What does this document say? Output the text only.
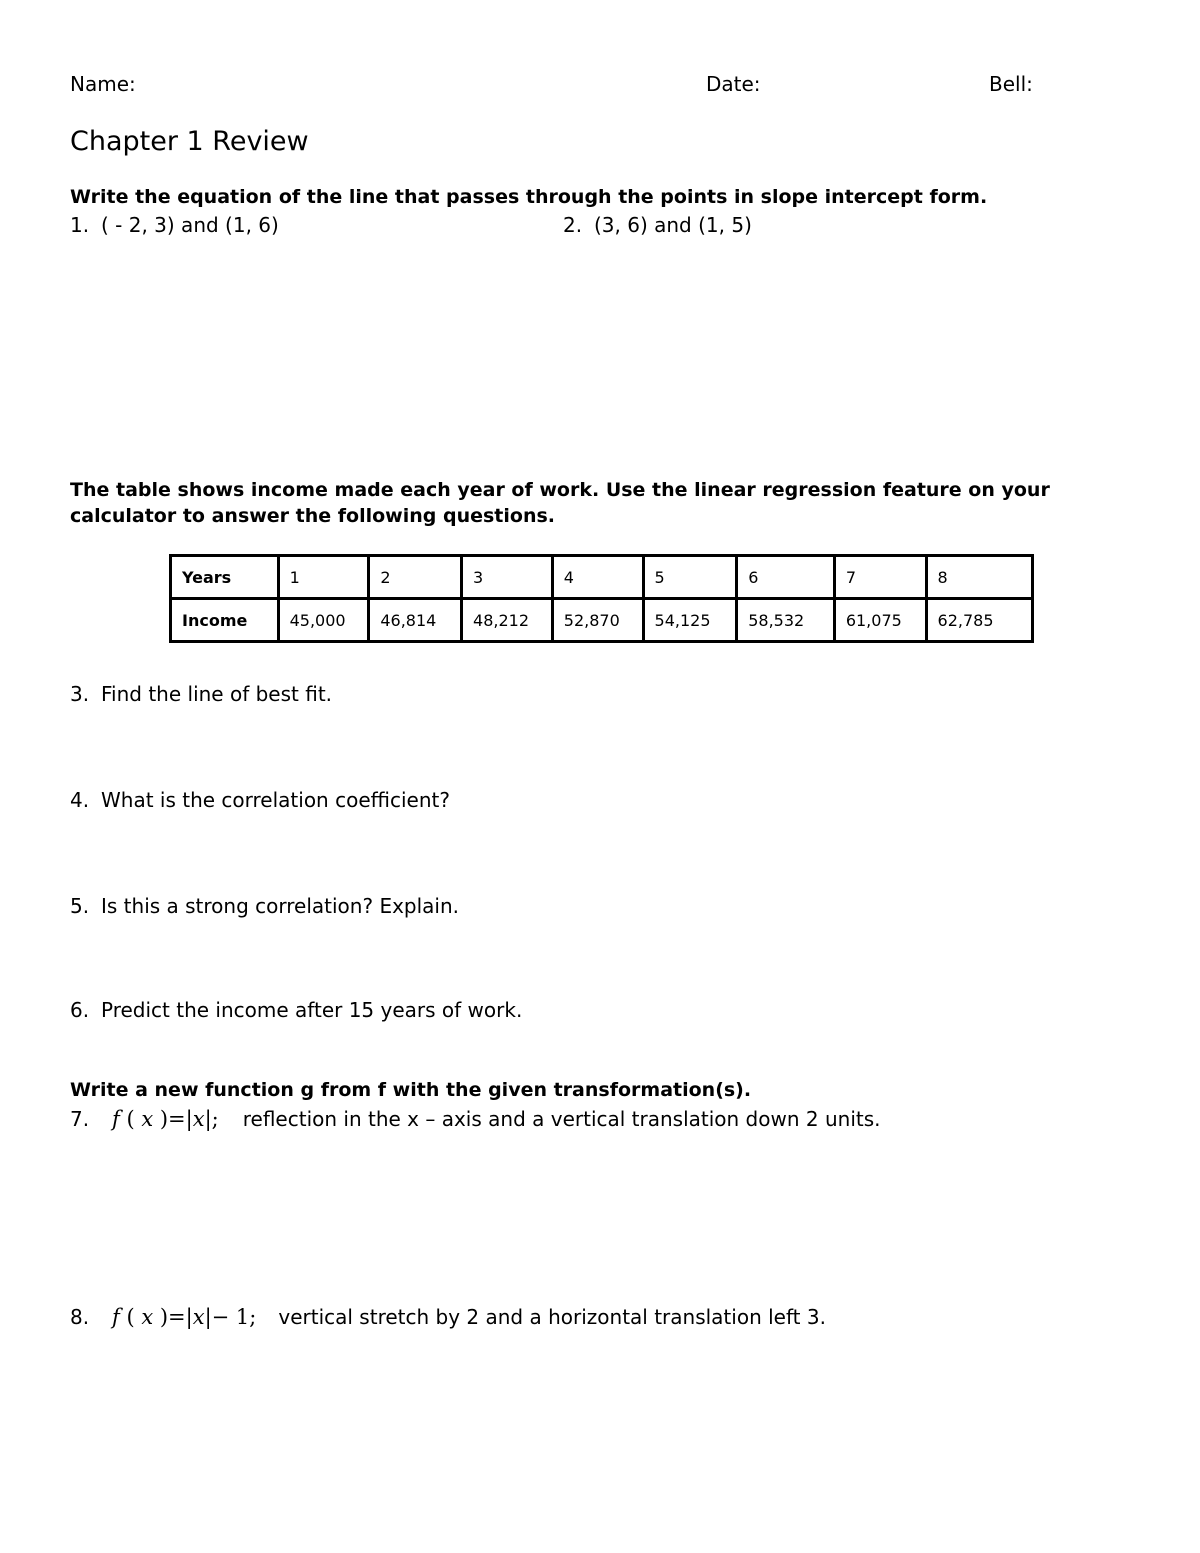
Name:	Date:	Bell:
Chapter 1 Review
Write the equation of the line that passes through the points in slope intercept form.
1. ( - 2, 3) and (1, 6)	2. (3, 6) and (1, 5)
The table shows income made each year of work. Use the linear regression feature on your
calculator to answer the following questions.
Years	1	2	3	4	5	6	7	8
Income	45,000	46,814	48,212	52,870	54,125	58,532	61,075	62,785
3. Find the line of best fit.
4. What is the correlation coefficient?
5. Is this a strong correlation? Explain.
6. Predict the income after 15 years of work.
Write a new function g from f with the given transformation(s).
7. f ( x )=|x|; reflection in the x – axis and a vertical translation down 2 units.
8. f ( x )=|x|− 1; vertical stretch by 2 and a horizontal translation left 3.
